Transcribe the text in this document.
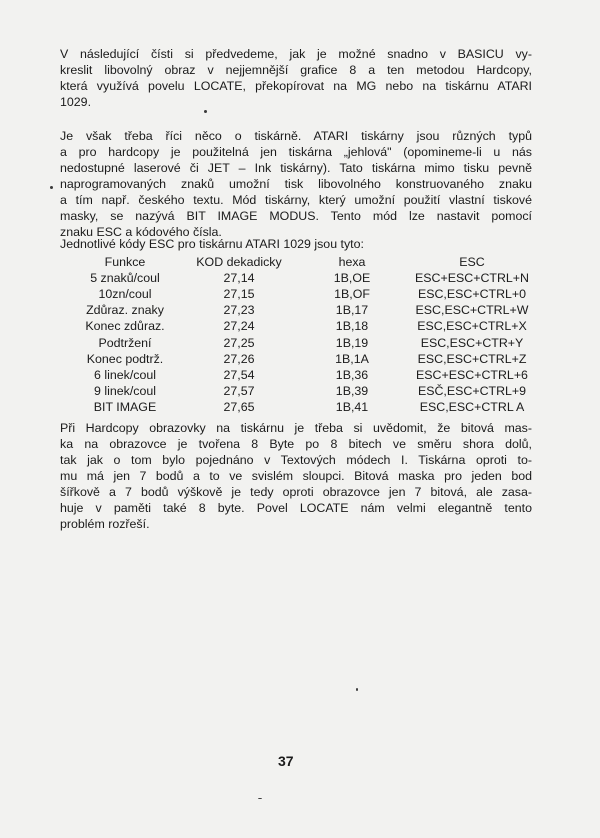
V následující čísti si předvedeme, jak je možné snadno v BASICU vy-
kreslit libovolný obraz v nejjemnější grafice 8 a ten metodou Hardcopy,
která využívá povelu LOCATE, překopírovat na MG nebo na tiskárnu ATARI
1029.

Je však třeba říci něco o tiskárně. ATARI tiskárny jsou různých typů
a pro hardcopy je použitelná jen tiskárna „jehlová" (opomineme-li u nás
nedostupné laserové či JET – Ink tiskárny). Tato tiskárna mimo tisku pevně
naprogramovaných znaků umožní tisk libovolného konstruovaného znaku
a tím např. českého textu. Mód tiskárny, který umožní použití vlastní tiskové
masky, se nazývá BIT IMAGE MODUS. Tento mód lze nastavit pomocí
znaku ESC a kódového čísla.

Jednotlivé kódy ESC pro tiskárnu ATARI 1029 jsou tyto:

Funkce	KOD dekadicky	hexa	ESC
5 znaků/coul	27,14	1B,OE	ESC+ESC+CTRL+N
10zn/coul	27,15	1B,OF	ESC,ESC+CTRL+0
Zdůraz. znaky	27,23	1B,17	ESC,ESC+CTRL+W
Konec zdůraz.	27,24	1B,18	ESC,ESC+CTRL+X
Podtržení	27,25	1B,19	ESC,ESC+CTR+Y
Konec podtrž.	27,26	1B,1A	ESC,ESC+CTRL+Z
6 linek/coul	27,54	1B,36	ESC+ESC+CTRL+6
9 linek/coul	27,57	1B,39	ESČ,ESC+CTRL+9
BIT IMAGE	27,65	1B,41	ESC,ESC+CTRL A

Při Hardcopy obrazovky na tiskárnu je třeba si uvědomit, že bitová mas-
ka na obrazovce je tvořena 8 Byte po 8 bitech ve směru shora dolů,
tak jak o tom bylo pojednáno v Textových módech I. Tiskárna oproti to-
mu má jen 7 bodů a to ve svislém sloupci. Bitová maska pro jeden bod
šířkově a 7 bodů výškově je tedy oproti obrazovce jen 7 bitová, ale zasa-
huje v paměti také 8 byte. Povel LOCATE nám velmi elegantně tento
problém rozřeší.

37
